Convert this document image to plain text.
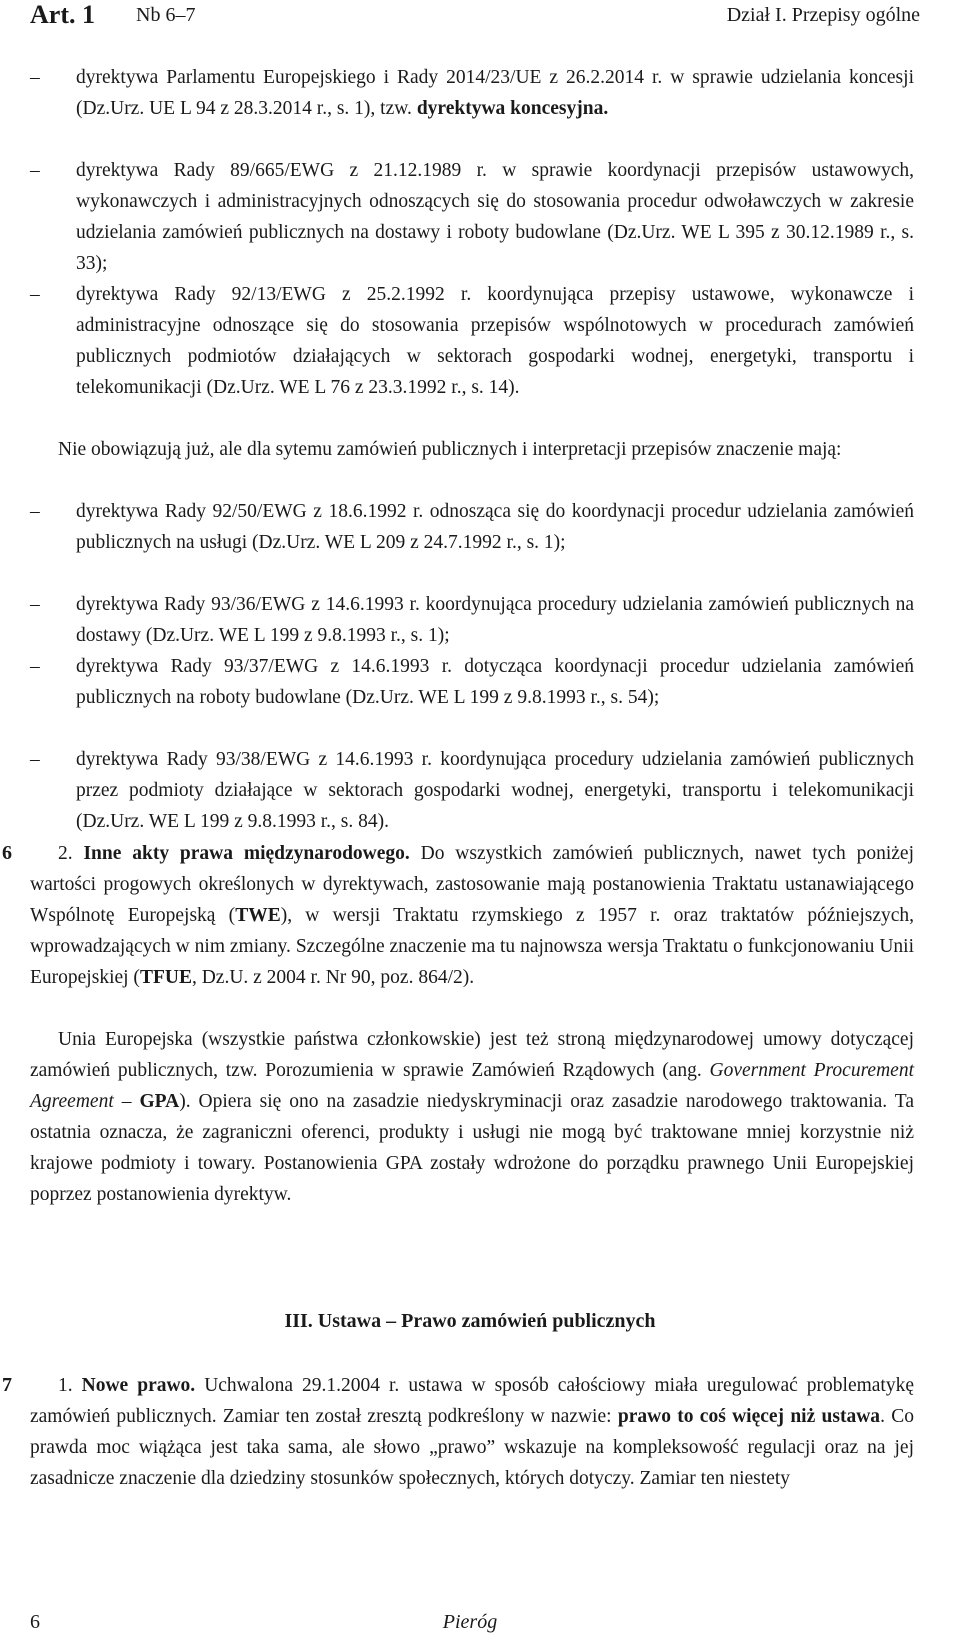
Art. 1 Nb 6–7	Dział I. Przepisy ogólne
– dyrektywa Parlamentu Europejskiego i Rady 2014/23/UE z 26.2.2014 r. w sprawie udzielania koncesji (Dz.Urz. UE L 94 z 28.3.2014 r., s. 1), tzw. dyrektywa koncesyjna.
– dyrektywa Rady 89/665/EWG z 21.12.1989 r. w sprawie koordynacji przepisów ustawowych, wykonawczych i administracyjnych odnoszących się do stosowania procedur odwoławczych w zakresie udzielania zamówień publicznych na dostawy i roboty budowlane (Dz.Urz. WE L 395 z 30.12.1989 r., s. 33);
– dyrektywa Rady 92/13/EWG z 25.2.1992 r. koordynująca przepisy ustawowe, wykonawcze i administracyjne odnoszące się do stosowania przepisów wspólnotowych w procedurach zamówień publicznych podmiotów działających w sektorach gospodarki wodnej, energetyki, transportu i telekomunikacji (Dz.Urz. WE L 76 z 23.3.1992 r., s. 14).
Nie obowiązują już, ale dla sytemu zamówień publicznych i interpretacji przepisów znaczenie mają:
– dyrektywa Rady 92/50/EWG z 18.6.1992 r. odnosząca się do koordynacji procedur udzielania zamówień publicznych na usługi (Dz.Urz. WE L 209 z 24.7.1992 r., s. 1);
– dyrektywa Rady 93/36/EWG z 14.6.1993 r. koordynująca procedury udzielania zamówień publicznych na dostawy (Dz.Urz. WE L 199 z 9.8.1993 r., s. 1);
– dyrektywa Rady 93/37/EWG z 14.6.1993 r. dotycząca koordynacji procedur udzielania zamówień publicznych na roboty budowlane (Dz.Urz. WE L 199 z 9.8.1993 r., s. 54);
– dyrektywa Rady 93/38/EWG z 14.6.1993 r. koordynująca procedury udzielania zamówień publicznych przez podmioty działające w sektorach gospodarki wodnej, energetyki, transportu i telekomunikacji (Dz.Urz. WE L 199 z 9.8.1993 r., s. 84).
6	2. Inne akty prawa międzynarodowego. Do wszystkich zamówień publicznych, nawet tych poniżej wartości progowych określonych w dyrektywach, zastosowanie mają postanowienia Traktatu ustanawiającego Wspólnotę Europejską (TWE), w wersji Traktatu rzymskiego z 1957 r. oraz traktatów późniejszych, wprowadzających w nim zmiany. Szczególne znaczenie ma tu najnowsza wersja Traktatu o funkcjonowaniu Unii Europejskiej (TFUE, Dz.U. z 2004 r. Nr 90, poz. 864/2).
Unia Europejska (wszystkie państwa członkowskie) jest też stroną międzynarodowej umowy dotyczącej zamówień publicznych, tzw. Porozumienia w sprawie Zamówień Rządowych (ang. Government Procurement Agreement – GPA). Opiera się ono na zasadzie niedyskryminacji oraz zasadzie narodowego traktowania. Ta ostatnia oznacza, że zagraniczni oferenci, produkty i usługi nie mogą być traktowane mniej korzystnie niż krajowe podmioty i towary. Postanowienia GPA zostały wdrożone do porządku prawnego Unii Europejskiej poprzez postanowienia dyrektyw.
III. Ustawa – Prawo zamówień publicznych
7	1. Nowe prawo. Uchwalona 29.1.2004 r. ustawa w sposób całościowy miała uregulować problematykę zamówień publicznych. Zamiar ten został zresztą podkreślony w nazwie: prawo to coś więcej niż ustawa. Co prawda moc wiążąca jest taka sama, ale słowo „prawo” wskazuje na kompleksowość regulacji oraz na jej zasadnicze znaczenie dla dziedziny stosunków społecznych, których dotyczy. Zamiar ten niestety
6	Pieróg
